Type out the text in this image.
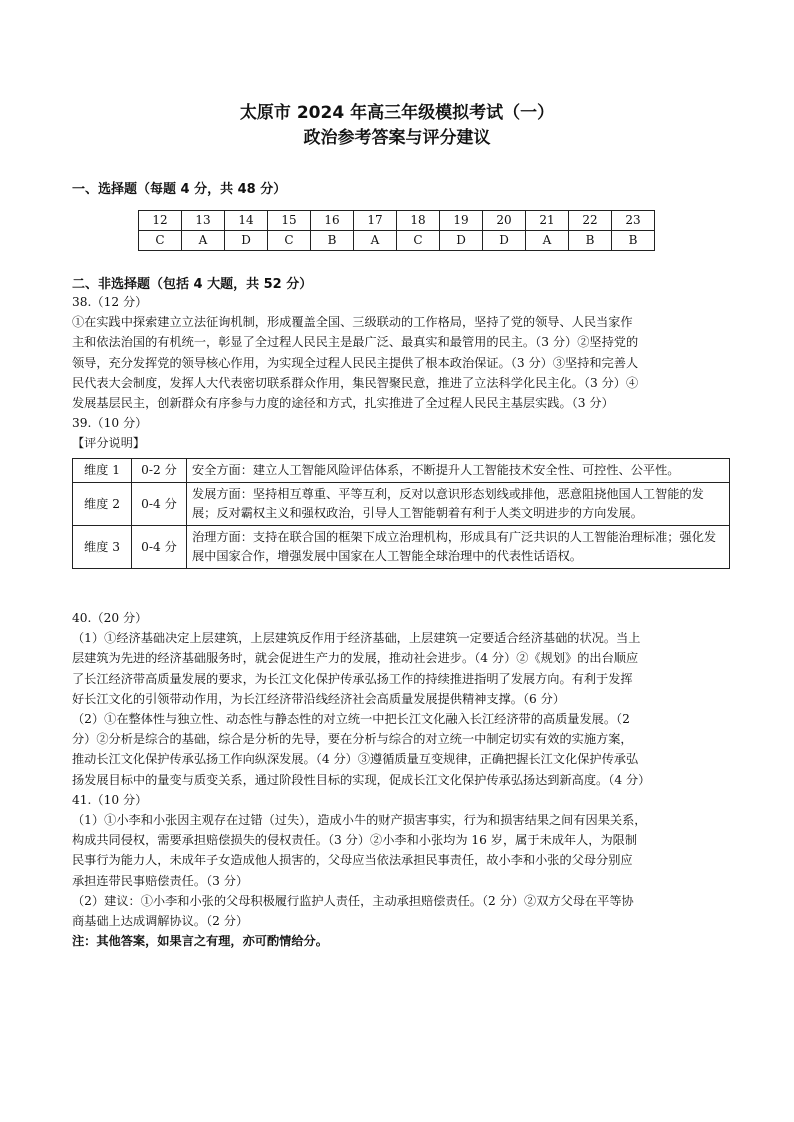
太原市 2024 年高三年级模拟考试（一）
政治参考答案与评分建议
一、选择题（每题 4 分，共 48 分）
12	13	14	15	16	17	18	19	20	21	22	23
C	A	D	C	B	A	C	D	D	A	B	B
二、非选择题（包括 4 大题，共 52 分）

38.（12 分）

①在实践中探索建立立法征询机制，形成覆盖全国、三级联动的工作格局，坚持了党的领导、人民当家作

主和依法治国的有机统一，彰显了全过程人民民主是最广泛、最真实和最管用的民主。（3 分）②坚持党的

领导，充分发挥党的领导核心作用，为实现全过程人民民主提供了根本政治保证。（3 分）③坚持和完善人

民代表大会制度，发挥人大代表密切联系群众作用，集民智聚民意，推进了立法科学化民主化。（3 分）④

发展基层民主，创新群众有序参与力度的途径和方式，扎实推进了全过程人民民主基层实践。（3 分）

39.（10 分）

【评分说明】

维度 1	0-2 分	安全方面：建立人工智能风险评估体系，不断提升人工智能技术安全性、可控性、公平性。
维度 2	0-4 分	发展方面：坚持相互尊重、平等互利，反对以意识形态划线或排他，恶意阻挠他国人工智能的发展；反对霸权主义和强权政治，引导人工智能朝着有利于人类文明进步的方向发展。
维度 3	0-4 分	治理方面：支持在联合国的框架下成立治理机构，形成具有广泛共识的人工智能治理标准；强化发展中国家合作，增强发展中国家在人工智能全球治理中的代表性话语权。

40.（20 分）

（1）①经济基础决定上层建筑，上层建筑反作用于经济基础，上层建筑一定要适合经济基础的状况。当上

层建筑为先进的经济基础服务时，就会促进生产力的发展，推动社会进步。（4 分）②《规划》的出台顺应

了长江经济带高质量发展的要求，为长江文化保护传承弘扬工作的持续推进指明了发展方向。有利于发挥

好长江文化的引领带动作用，为长江经济带沿线经济社会高质量发展提供精神支撑。（6 分）

（2）①在整体性与独立性、动态性与静态性的对立统一中把长江文化融入长江经济带的高质量发展。（2

分）②分析是综合的基础，综合是分析的先导，要在分析与综合的对立统一中制定切实有效的实施方案，

推动长江文化保护传承弘扬工作向纵深发展。（4 分）③遵循质量互变规律，正确把握长江文化保护传承弘

扬发展目标中的量变与质变关系，通过阶段性目标的实现，促成长江文化保护传承弘扬达到新高度。（4 分）

41.（10 分）

（1）①小李和小张因主观存在过错（过失），造成小牛的财产损害事实，行为和损害结果之间有因果关系，

构成共同侵权，需要承担赔偿损失的侵权责任。（3 分）②小李和小张均为 16 岁，属于未成年人，为限制

民事行为能力人，未成年子女造成他人损害的，父母应当依法承担民事责任，故小李和小张的父母分别应

承担连带民事赔偿责任。（3 分）

（2）建议：①小李和小张的父母积极履行监护人责任，主动承担赔偿责任。（2 分）②双方父母在平等协

商基础上达成调解协议。（2 分）

注：其他答案，如果言之有理，亦可酌情给分。
